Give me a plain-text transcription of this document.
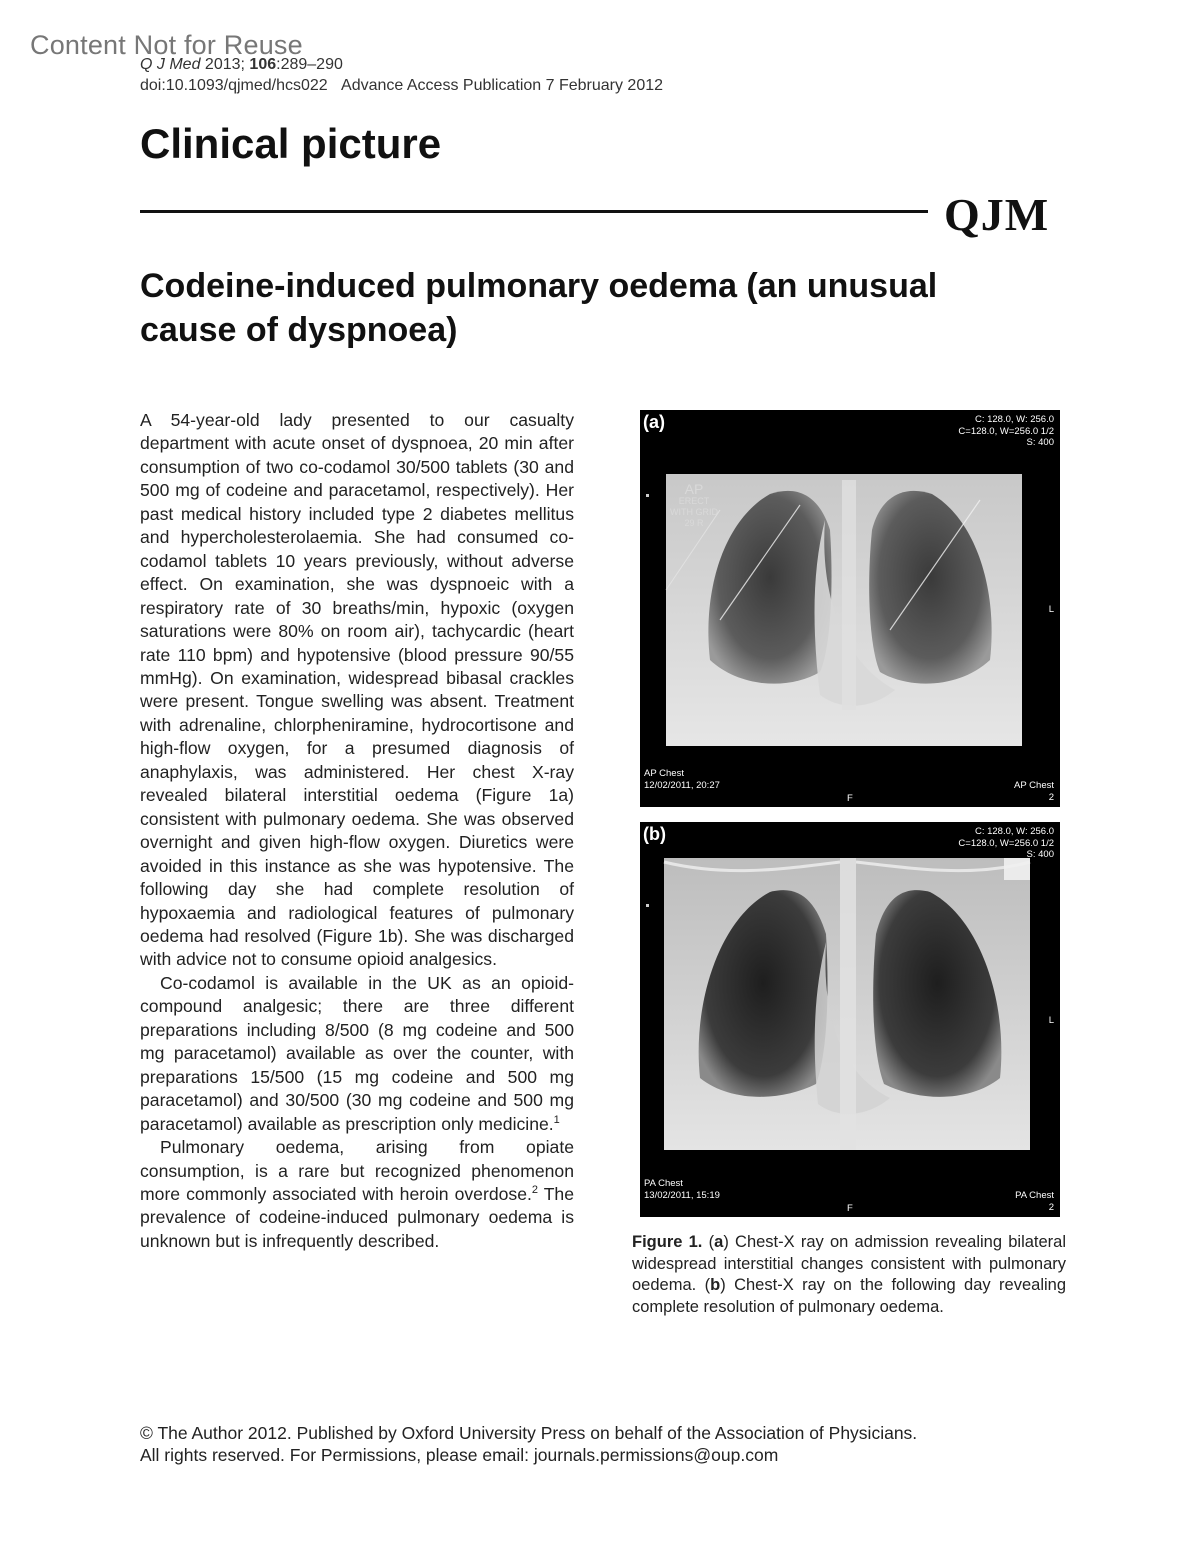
Content Not for Reuse
Q J Med 2013; 106:289–290
doi:10.1093/qjmed/hcs022 Advance Access Publication 7 February 2012
Clinical picture
QJM
Codeine-induced pulmonary oedema (an unusual cause of dyspnoea)

A 54-year-old lady presented to our casualty department with acute onset of dyspnoea, 20 min after consumption of two co-codamol 30/500 tablets (30 and 500 mg of codeine and paracetamol, respectively). Her past medical history included type 2 diabetes mellitus and hypercholesterolaemia. She had consumed co-codamol tablets 10 years previously, without adverse effect. On examination, she was dyspnoeic with a respiratory rate of 30 breaths/min, hypoxic (oxygen saturations were 80% on room air), tachycardic (heart rate 110 bpm) and hypotensive (blood pressure 90/55 mmHg). On examination, widespread bibasal crackles were present. Tongue swelling was absent. Treatment with adrenaline, chlorpheniramine, hydrocortisone and high-flow oxygen, for a presumed diagnosis of anaphylaxis, was administered. Her chest X-ray revealed bilateral interstitial oedema (Figure 1a) consistent with pulmonary oedema. She was observed overnight and given high-flow oxygen. Diuretics were avoided in this instance as she was hypotensive. The following day she had complete resolution of hypoxaemia and radiological features of pulmonary oedema had resolved (Figure 1b). She was discharged with advice not to consume opioid analgesics.

Co-codamol is available in the UK as an opioid-compound analgesic; there are three different preparations including 8/500 (8 mg codeine and 500 mg paracetamol) available as over the counter, with preparations 15/500 (15 mg codeine and 500 mg paracetamol) and 30/500 (30 mg codeine and 500 mg paracetamol) available as prescription only medicine.$^1$

Pulmonary oedema, arising from opiate consumption, is a rare but recognized phenomenon more commonly associated with heroin overdose.$^2$ The prevalence of codeine-induced pulmonary oedema is unknown but is infrequently described.

(a)	C: 128.0, W: 256.0
C=128.0, W=256.0 1/2
S: 400
AP
ERECT
WITH GRID
29 R
L
AP Chest
12/02/2011, 20:27
F
AP Chest
2
(b)	C: 128.0, W: 256.0
C=128.0, W=256.0 1/2
S: 400
L
PA Chest
13/02/2011, 15:19
F
PA Chest
2
Figure 1. (a) Chest-X ray on admission revealing bilateral widespread interstitial changes consistent with pulmonary oedema. (b) Chest-X ray on the following day revealing complete resolution of pulmonary oedema.
© The Author 2012. Published by Oxford University Press on behalf of the Association of Physicians.
All rights reserved. For Permissions, please email: journals.permissions@oup.com
